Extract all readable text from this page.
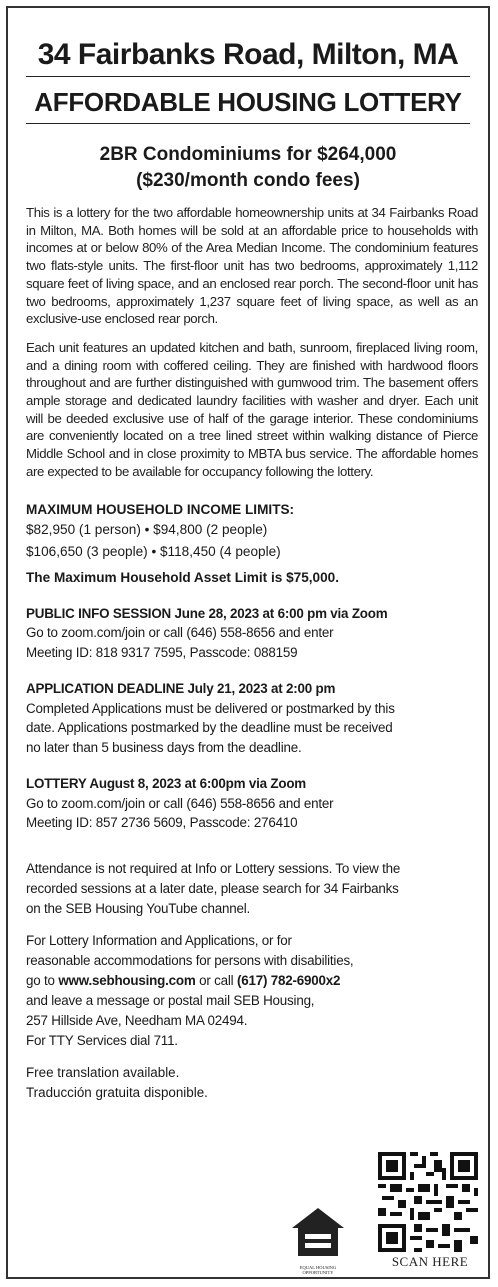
34 Fairbanks Road, Milton, MA
AFFORDABLE HOUSING LOTTERY
2BR Condominiums for $264,000
($230/month condo fees)
This is a lottery for the two affordable homeownership units at 34 Fairbanks Road in Milton, MA. Both homes will be sold at an affordable price to households with incomes at or below 80% of the Area Median Income. The condominium features two flats-style units. The first-floor unit has two bedrooms, approximately 1,112 square feet of living space, and an enclosed rear porch. The second-floor unit has two bedrooms, approximately 1,237 square feet of living space, as well as an exclusive-use enclosed rear porch.
Each unit features an updated kitchen and bath, sunroom, fireplaced living room, and a dining room with coffered ceiling. They are finished with hardwood floors throughout and are further distinguished with gumwood trim. The basement offers ample storage and dedicated laundry facilities with washer and dryer. Each unit will be deeded exclusive use of half of the garage interior. These condominiums are conveniently located on a tree lined street within walking distance of Pierce Middle School and in close proximity to MBTA bus service. The affordable homes are expected to be available for occupancy following the lottery.
MAXIMUM HOUSEHOLD INCOME LIMITS:
$82,950 (1 person) • $94,800 (2 people)
$106,650 (3 people) • $118,450 (4 people)
The Maximum Household Asset Limit is $75,000.
PUBLIC INFO SESSION June 28, 2023 at 6:00 pm via Zoom
Go to zoom.com/join or call (646) 558-8656 and enter
Meeting ID: 818 9317 7595, Passcode: 088159
APPLICATION DEADLINE July 21, 2023 at 2:00 pm
Completed Applications must be delivered or postmarked by this
date. Applications postmarked by the deadline must be received
no later than 5 business days from the deadline.
LOTTERY August 8, 2023 at 6:00pm via Zoom
Go to zoom.com/join or call (646) 558-8656 and enter
Meeting ID: 857 2736 5609, Passcode: 276410
Attendance is not required at Info or Lottery sessions. To view the
recorded sessions at a later date, please search for 34 Fairbanks
on the SEB Housing YouTube channel.
For Lottery Information and Applications, or for
reasonable accommodations for persons with disabilities,
go to www.sebhousing.com or call (617) 782-6900x2
and leave a message or postal mail SEB Housing,
257 Hillside Ave, Needham MA 02494.
For TTY Services dial 711.
Free translation available.
Traducción gratuita disponible.
EQUAL HOUSING OPPORTUNITY
SCAN HERE
